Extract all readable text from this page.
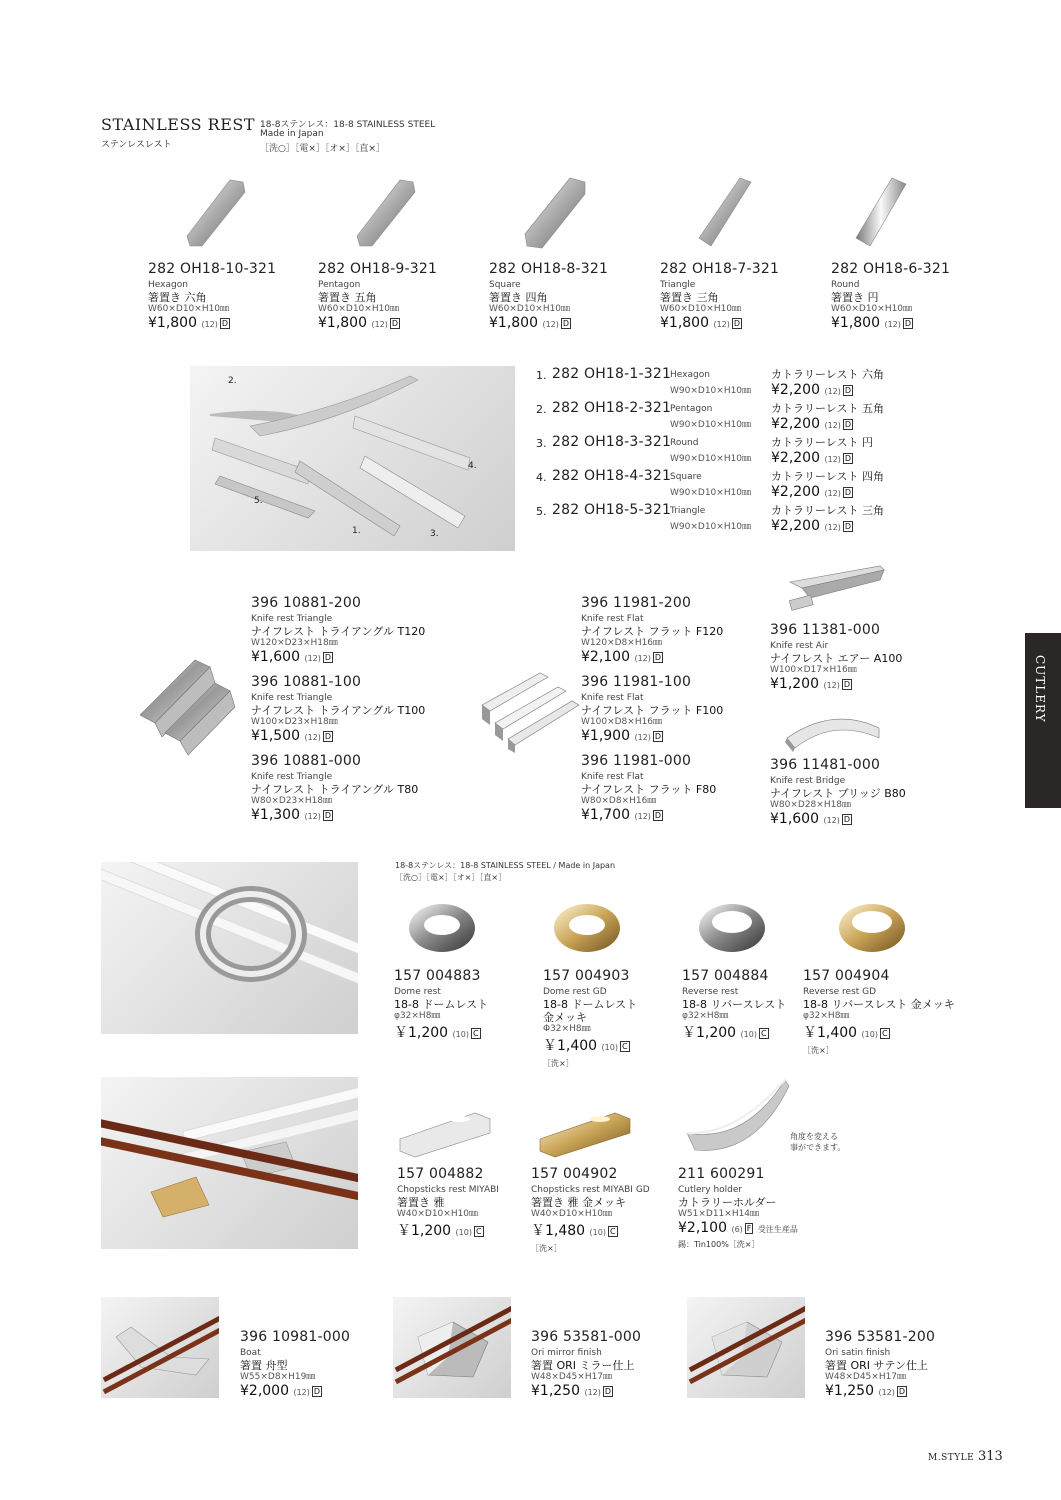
STAINLESS REST
ステンレスレスト
18-8ステンレス：18-8 STAINLESS STEEL
Made in Japan
［洗○］［電×］［オ×］［直×］
282 OH18-10-321
Hexagon
箸置き 六角
W60×D10×H10㎜
¥1,800 (12) D
282 OH18-9-321
Pentagon
箸置き 五角
W60×D10×H10㎜
¥1,800 (12) D
282 OH18-8-321
Square
箸置き 四角
W60×D10×H10㎜
¥1,800 (12) D
282 OH18-7-321
Triangle
箸置き 三角
W60×D10×H10㎜
¥1,800 (12) D
282 OH18-6-321
Round
箸置き 円
W60×D10×H10㎜
¥1,800 (12) D
2.
4.
5.
1.	3.
1. 282 OH18-1-321
Hexagon
W90×D10×H10㎜
カトラリーレスト 六角
¥2,200 (12) D
2. 282 OH18-2-321
Pentagon
W90×D10×H10㎜
カトラリーレスト 五角
¥2,200 (12) D
3. 282 OH18-3-321
Round
W90×D10×H10㎜
カトラリーレスト 円
¥2,200 (12) D
4. 282 OH18-4-321
Square
W90×D10×H10㎜
カトラリーレスト 四角
¥2,200 (12) D
5. 282 OH18-5-321
Triangle
W90×D10×H10㎜
カトラリーレスト 三角
¥2,200 (12) D
396 10881-200
Knife rest Triangle
ナイフレスト トライアングル T120
W120×D23×H18㎜
¥1,600 (12) D
396 10881-100
Knife rest Triangle
ナイフレスト トライアングル T100
W100×D23×H18㎜
¥1,500 (12) D
396 10881-000
Knife rest Triangle
ナイフレスト トライアングル T80
W80×D23×H18㎜
¥1,300 (12) D
396 11981-200
Knife rest Flat
ナイフレスト フラット F120
W120×D8×H16㎜
¥2,100 (12) D
396 11981-100
Knife rest Flat
ナイフレスト フラット F100
W100×D8×H16㎜
¥1,900 (12) D
396 11981-000
Knife rest Flat
ナイフレスト フラット F80
W80×D8×H16㎜
¥1,700 (12) D
396 11381-000
Knife rest Air
ナイフレスト エアー A100
W100×D17×H16㎜
¥1,200 (12) D
396 11481-000
Knife rest Bridge
ナイフレスト ブリッジ B80
W80×D28×H18㎜
¥1,600 (12) D
CUTLERY
18-8ステンレス：18-8 STAINLESS STEEL / Made in Japan
［洗○］［電×］［オ×］［直×］
157 004883
Dome rest
18-8 ドームレスト
φ32×H8㎜
￥1,200 (10) C
157 004903
Dome rest GD
18-8 ドームレスト
金メッキ
Φ32×H8㎜
￥1,400 (10) C
［洗×］
157 004884
Reverse rest
18-8 リバースレスト
φ32×H8㎜
￥1,200 (10) C
157 004904
Reverse rest GD
18-8 リバースレスト 金メッキ
φ32×H8㎜
￥1,400 (10) C
［洗×］
角度を変える
事ができます。
157 004882
Chopsticks rest MIYABI
箸置き 雅
W40×D10×H10㎜
￥1,200 (10) C
157 004902
Chopsticks rest MIYABI GD
箸置き 雅 金メッキ
W40×D10×H10㎜
￥1,480 (10) C
［洗×］
211 600291
Cutlery holder
カトラリーホルダー
W51×D11×H14㎜
¥2,100 (6) F 受注生産品
錫：Tin100%［洗×］
396 10981-000
Boat
箸置 舟型
W55×D8×H19㎜
¥2,000 (12) D
396 53581-000
Ori mirror finish
箸置 ORI ミラー仕上
W48×D45×H17㎜
¥1,250 (12) D
396 53581-200
Ori satin finish
箸置 ORI サテン仕上
W48×D45×H17㎜
¥1,250 (12) D
M.STYLE 313
